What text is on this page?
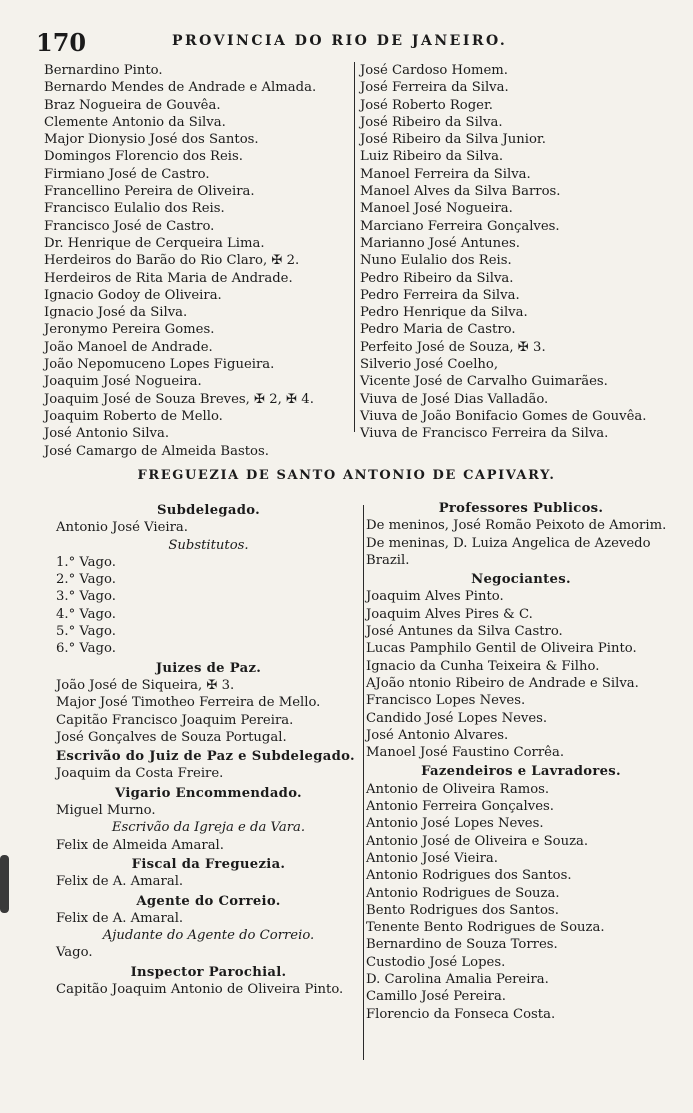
170	PROVINCIA DO RIO DE JANEIRO.
Bernardino Pinto.
Bernardo Mendes de Andrade e Almada.
Braz Nogueira de Gouvêa.
Clemente Antonio da Silva.
Major Dionysio José dos Santos.
Domingos Florencio dos Reis.
Firmiano José de Castro.
Francellino Pereira de Oliveira.
Francisco Eulalio dos Reis.
Francisco José de Castro.
Dr. Henrique de Cerqueira Lima.
Herdeiros do Barão do Rio Claro, ✠ 2.
Herdeiros de Rita Maria de Andrade.
Ignacio Godoy de Oliveira.
Ignacio José da Silva.
Jeronymo Pereira Gomes.
João Manoel de Andrade.
João Nepomuceno Lopes Figueira.
Joaquim José Nogueira.
Joaquim José de Souza Breves, ✠ 2, ✠ 4.
Joaquim Roberto de Mello.
José Antonio Silva.
José Camargo de Almeida Bastos.
José Cardoso Homem.
José Ferreira da Silva.
José Roberto Roger.
José Ribeiro da Silva.
José Ribeiro da Silva Junior.
Luiz Ribeiro da Silva.
Manoel Ferreira da Silva.
Manoel Alves da Silva Barros.
Manoel José Nogueira.
Marciano Ferreira Gonçalves.
Marianno José Antunes.
Nuno Eulalio dos Reis.
Pedro Ribeiro da Silva.
Pedro Ferreira da Silva.
Pedro Henrique da Silva.
Pedro Maria de Castro.
Perfeito José de Souza, ✠ 3.
Silverio José Coelho,
Vicente José de Carvalho Guimarães.
Viuva de José Dias Valladão.
Viuva de João Bonifacio Gomes de Gouvêa.
Viuva de Francisco Ferreira da Silva.
FREGUEZIA DE SANTO ANTONIO DE CAPIVARY.
Subdelegado.
Antonio José Vieira.
Substitutos.
1.° Vago.
2.° Vago.
3.° Vago.
4.° Vago.
5.° Vago.
6.° Vago.
Juizes de Paz.
João José de Siqueira, ✠ 3.
Major José Timotheo Ferreira de Mello.
Capitão Francisco Joaquim Pereira.
José Gonçalves de Souza Portugal.
Escrivão do Juiz de Paz e Subdelegado.
Joaquim da Costa Freire.
Vigario Encommendado.
Miguel Murno.
Escrivão da Igreja e da Vara.
Felix de Almeida Amaral.
Fiscal da Freguezia.
Felix de A. Amaral.
Agente do Correio.
Felix de A. Amaral.
Ajudante do Agente do Correio.
Vago.
Inspector Parochial.
Capitão Joaquim Antonio de Oliveira Pinto.
Professores Publicos.
De meninos, José Romão Peixoto de Amorim.
De meninas, D. Luiza Angelica de Azevedo Brazil.
Negociantes.
Joaquim Alves Pinto.
Joaquim Alves Pires & C.
José Antunes da Silva Castro.
Lucas Pamphilo Gentil de Oliveira Pinto.
Ignacio da Cunha Teixeira & Filho.
AJoão ntonio Ribeiro de Andrade e Silva.
Francisco Lopes Neves.
Candido José Lopes Neves.
José Antonio Alvares.
Manoel José Faustino Corrêa.
Fazendeiros e Lavradores.
Antonio de Oliveira Ramos.
Antonio Ferreira Gonçalves.
Antonio José Lopes Neves.
Antonio José de Oliveira e Souza.
Antonio José Vieira.
Antonio Rodrigues dos Santos.
Antonio Rodrigues de Souza.
Bento Rodrigues dos Santos.
Tenente Bento Rodrigues de Souza.
Bernardino de Souza Torres.
Custodio José Lopes.
D. Carolina Amalia Pereira.
Camillo José Pereira.
Florencio da Fonseca Costa.
